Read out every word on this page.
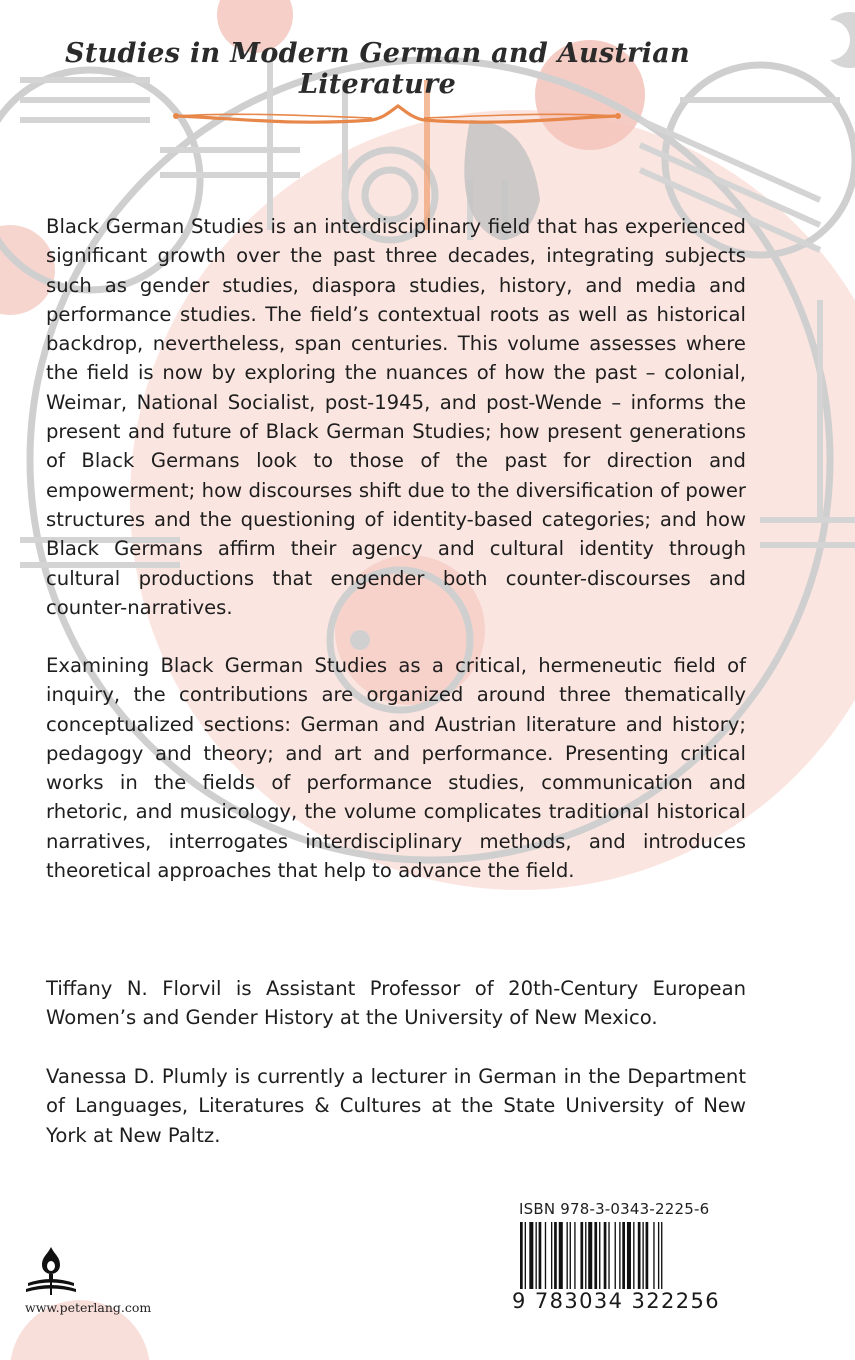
Studies in Modern German and Austrian Literature

Black German Studies is an interdisciplinary field that has experienced significant growth over the past three decades, integrating subjects such as gender studies, diaspora studies, history, and media and performance studies. The field’s contextual roots as well as historical backdrop, nevertheless, span centuries. This volume assesses where the field is now by exploring the nuances of how the past – colonial, Weimar, National Socialist, post-1945, and post-Wende – informs the present and future of Black German Studies; how present generations of Black Germans look to those of the past for direction and empowerment; how discourses shift due to the diversification of power structures and the questioning of identity-based categories; and how Black Germans affirm their agency and cultural identity through cultural productions that engender both counter-discourses and counter-narratives.

Examining Black German Studies as a critical, hermeneutic field of inquiry, the contributions are organized around three thematically conceptualized sections: German and Austrian literature and history; pedagogy and theory; and art and performance. Presenting critical works in the fields of performance studies, communication and rhetoric, and musicology, the volume complicates traditional historical narratives, interrogates interdisciplinary methods, and introduces theoretical approaches that help to advance the field.

Tiffany N. Florvil is Assistant Professor of 20th-Century European Women’s and Gender History at the University of New Mexico.

Vanessa D. Plumly is currently a lecturer in German in the Department of Languages, Literatures & Cultures at the State University of New York at New Paltz.

ISBN 978-3-0343-2225-6
9 783034 322256
www.peterlang.com
